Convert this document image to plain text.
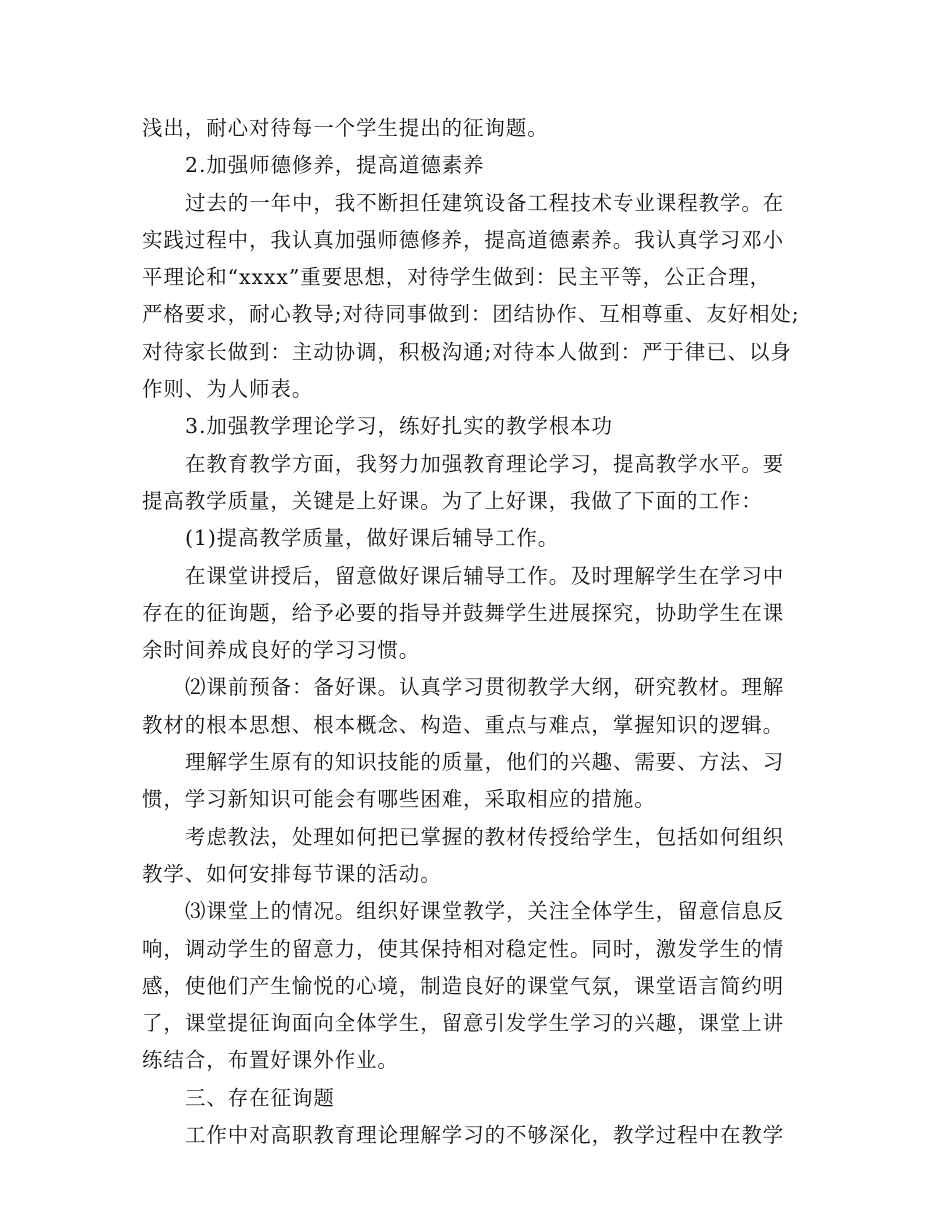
浅出，耐心对待每一个学生提出的征询题。
2.加强师德修养，提高道德素养
过去的一年中，我不断担任建筑设备工程技术专业课程教学。在
实践过程中，我认真加强师德修养，提高道德素养。我认真学习邓小
平理论和“xxxx”重要思想，对待学生做到：民主平等，公正合理，
严格要求，耐心教导;对待同事做到：团结协作、互相尊重、友好相处;
对待家长做到：主动协调，积极沟通;对待本人做到：严于律已、以身
作则、为人师表。
3.加强教学理论学习，练好扎实的教学根本功
在教育教学方面，我努力加强教育理论学习，提高教学水平。要
提高教学质量，关键是上好课。为了上好课，我做了下面的工作：
(1)提高教学质量，做好课后辅导工作。
在课堂讲授后，留意做好课后辅导工作。及时理解学生在学习中
存在的征询题，给予必要的指导并鼓舞学生进展探究，协助学生在课
余时间养成良好的学习习惯。
⑵课前预备：备好课。认真学习贯彻教学大纲，研究教材。理解
教材的根本思想、根本概念、构造、重点与难点，掌握知识的逻辑。
理解学生原有的知识技能的质量，他们的兴趣、需要、方法、习
惯，学习新知识可能会有哪些困难，采取相应的措施。
考虑教法，处理如何把已掌握的教材传授给学生，包括如何组织
教学、如何安排每节课的活动。
⑶课堂上的情况。组织好课堂教学，关注全体学生，留意信息反
响，调动学生的留意力，使其保持相对稳定性。同时，激发学生的情
感，使他们产生愉悦的心境，制造良好的课堂气氛，课堂语言简约明
了，课堂提征询面向全体学生，留意引发学生学习的兴趣，课堂上讲
练结合，布置好课外作业。
三、存在征询题
工作中对高职教育理论理解学习的不够深化，教学过程中在教学
